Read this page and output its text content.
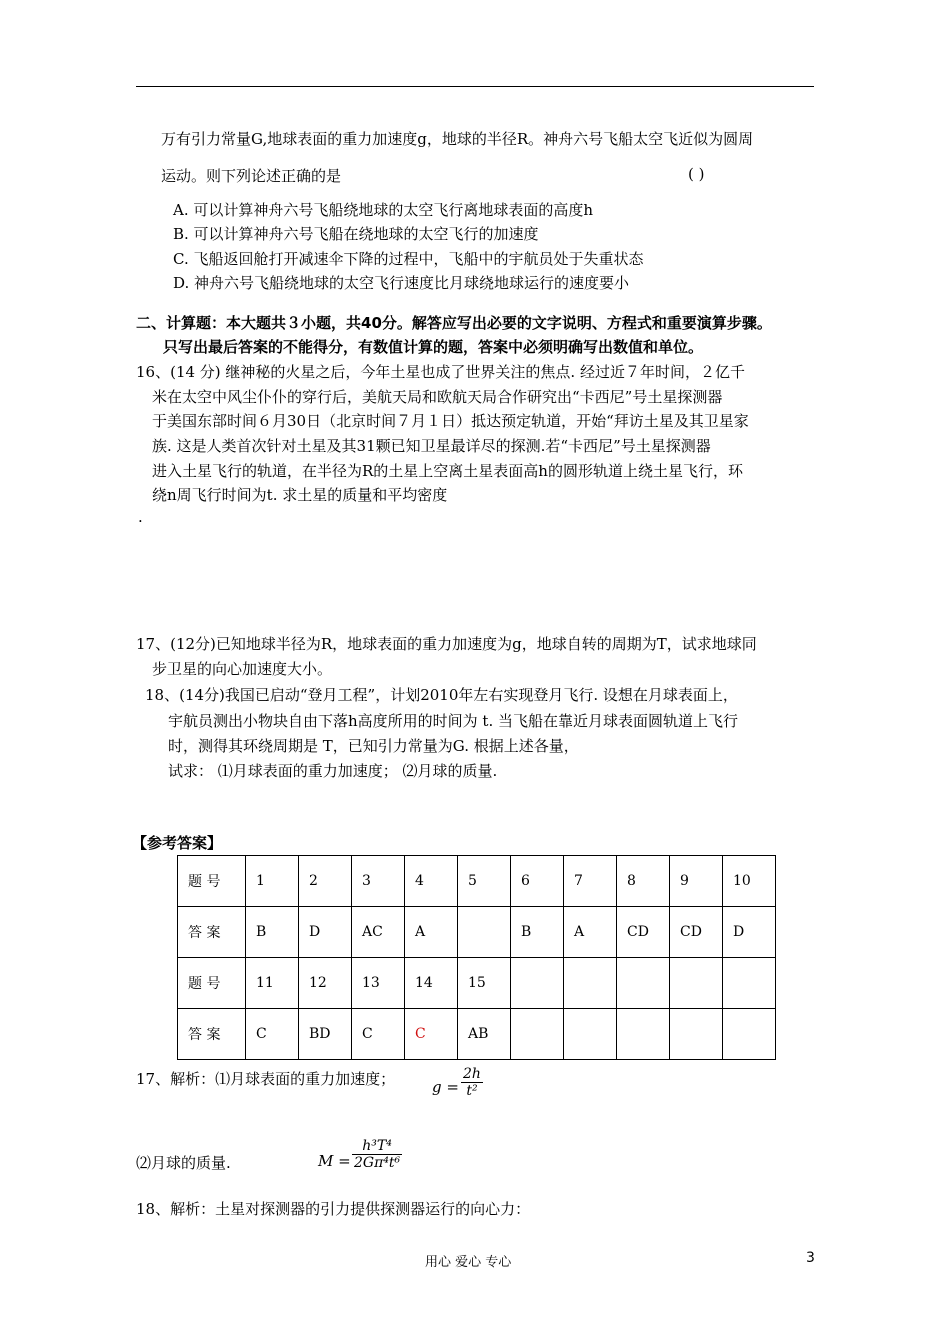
万有引力常量G,地球表面的重力加速度g，地球的半径R。神舟六号飞船太空飞近似为圆周
运动。则下列论述正确的是	( )
A. 可以计算神舟六号飞船绕地球的太空飞行离地球表面的高度h
B. 可以计算神舟六号飞船在绕地球的太空飞行的加速度
C. 飞船返回舱打开减速伞下降的过程中，飞船中的宇航员处于失重状态
D. 神舟六号飞船绕地球的太空飞行速度比月球绕地球运行的速度要小
二、计算题：本大题共３小题，共40分。解答应写出必要的文字说明、方程式和重要演算步骤。
只写出最后答案的不能得分，有数值计算的题，答案中必须明确写出数值和单位。
16、(14 分) 继神秘的火星之后，今年土星也成了世界关注的焦点. 经过近７年时间，２亿千
米在太空中风尘仆仆的穿行后，美航天局和欧航天局合作研究出“卡西尼”号土星探测器
于美国东部时间６月30日（北京时间７月１日）抵达预定轨道，开始“拜访土星及其卫星家
族. 这是人类首次针对土星及其31颗已知卫星最详尽的探测.若“卡西尼”号土星探测器
进入土星飞行的轨道，在半径为R的土星上空离土星表面高h的圆形轨道上绕土星飞行，环
绕n周飞行时间为t. 求土星的质量和平均密度
.
17、(12分)已知地球半径为R，地球表面的重力加速度为g，地球自转的周期为T，试求地球同
步卫星的向心加速度大小。
18、(14分)我国已启动“登月工程”，计划2010年左右实现登月飞行. 设想在月球表面上，
宇航员测出小物块自由下落h高度所用的时间为 t. 当飞船在靠近月球表面圆轨道上飞行
时，测得其环绕周期是 T，已知引力常量为G. 根据上述各量，
试求： ⑴月球表面的重力加速度； ⑵月球的质量.
【参考答案】
题 号	1	2	3	4	5	6	7	8	9	10
答 案	B	D	AC	A		B	A	CD	CD	D
题 号	11	12	13	14	15					
答 案	C	BD	C	C	AB					
17、解析：⑴月球表面的重力加速度； g =
2h
t²
⑵月球的质量.	M =
h³T⁴
2Gπ⁴t⁶
18、解析：土星对探测器的引力提供探测器运行的向心力：
用心 爱心 专心	3
